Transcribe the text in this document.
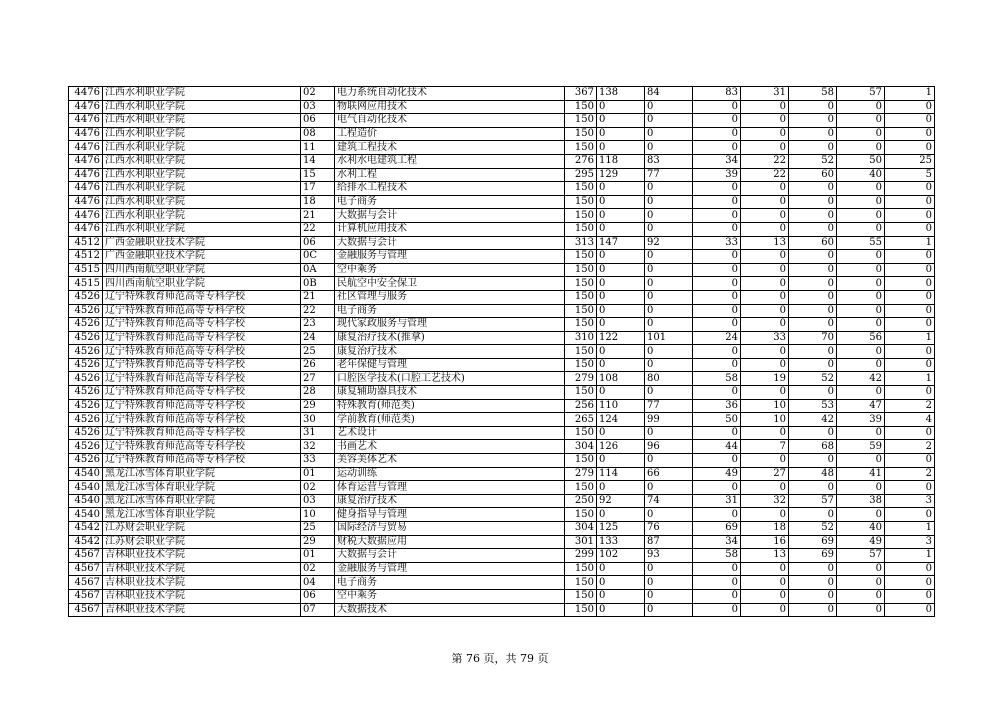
4476	江西水利职业学院	02	电力系统自动化技术	367	138	84	83	31	58	57	1
4476	江西水利职业学院	03	物联网应用技术	150	0	0	0	0	0	0	0
4476	江西水利职业学院	06	电气自动化技术	150	0	0	0	0	0	0	0
4476	江西水利职业学院	08	工程造价	150	0	0	0	0	0	0	0
4476	江西水利职业学院	11	建筑工程技术	150	0	0	0	0	0	0	0
4476	江西水利职业学院	14	水利水电建筑工程	276	118	83	34	22	52	50	25
4476	江西水利职业学院	15	水利工程	295	129	77	39	22	60	40	5
4476	江西水利职业学院	17	给排水工程技术	150	0	0	0	0	0	0	0
4476	江西水利职业学院	18	电子商务	150	0	0	0	0	0	0	0
4476	江西水利职业学院	21	大数据与会计	150	0	0	0	0	0	0	0
4476	江西水利职业学院	22	计算机应用技术	150	0	0	0	0	0	0	0
4512	广西金融职业技术学院	06	大数据与会计	313	147	92	33	13	60	55	1
4512	广西金融职业技术学院	0C	金融服务与管理	150	0	0	0	0	0	0	0
4515	四川西南航空职业学院	0A	空中乘务	150	0	0	0	0	0	0	0
4515	四川西南航空职业学院	0B	民航空中安全保卫	150	0	0	0	0	0	0	0
4526	辽宁特殊教育师范高等专科学校	21	社区管理与服务	150	0	0	0	0	0	0	0
4526	辽宁特殊教育师范高等专科学校	22	电子商务	150	0	0	0	0	0	0	0
4526	辽宁特殊教育师范高等专科学校	23	现代家政服务与管理	150	0	0	0	0	0	0	0
4526	辽宁特殊教育师范高等专科学校	24	康复治疗技术(推拿)	310	122	101	24	33	70	56	1
4526	辽宁特殊教育师范高等专科学校	25	康复治疗技术	150	0	0	0	0	0	0	0
4526	辽宁特殊教育师范高等专科学校	26	老年保健与管理	150	0	0	0	0	0	0	0
4526	辽宁特殊教育师范高等专科学校	27	口腔医学技术(口腔工艺技术)	279	108	80	58	19	52	42	1
4526	辽宁特殊教育师范高等专科学校	28	康复辅助器具技术	150	0	0	0	0	0	0	0
4526	辽宁特殊教育师范高等专科学校	29	特殊教育(师范类)	256	110	77	36	10	53	47	2
4526	辽宁特殊教育师范高等专科学校	30	学前教育(师范类)	265	124	99	50	10	42	39	4
4526	辽宁特殊教育师范高等专科学校	31	艺术设计	150	0	0	0	0	0	0	0
4526	辽宁特殊教育师范高等专科学校	32	书画艺术	304	126	96	44	7	68	59	2
4526	辽宁特殊教育师范高等专科学校	33	美容美体艺术	150	0	0	0	0	0	0	0
4540	黑龙江冰雪体育职业学院	01	运动训练	279	114	66	49	27	48	41	2
4540	黑龙江冰雪体育职业学院	02	体育运营与管理	150	0	0	0	0	0	0	0
4540	黑龙江冰雪体育职业学院	03	康复治疗技术	250	92	74	31	32	57	38	3
4540	黑龙江冰雪体育职业学院	10	健身指导与管理	150	0	0	0	0	0	0	0
4542	江苏财会职业学院	25	国际经济与贸易	304	125	76	69	18	52	40	1
4542	江苏财会职业学院	29	财税大数据应用	301	133	87	34	16	69	49	3
4567	吉林职业技术学院	01	大数据与会计	299	102	93	58	13	69	57	1
4567	吉林职业技术学院	02	金融服务与管理	150	0	0	0	0	0	0	0
4567	吉林职业技术学院	04	电子商务	150	0	0	0	0	0	0	0
4567	吉林职业技术学院	06	空中乘务	150	0	0	0	0	0	0	0
4567	吉林职业技术学院	07	大数据技术	150	0	0	0	0	0	0	0
第 76 页，共 79 页
